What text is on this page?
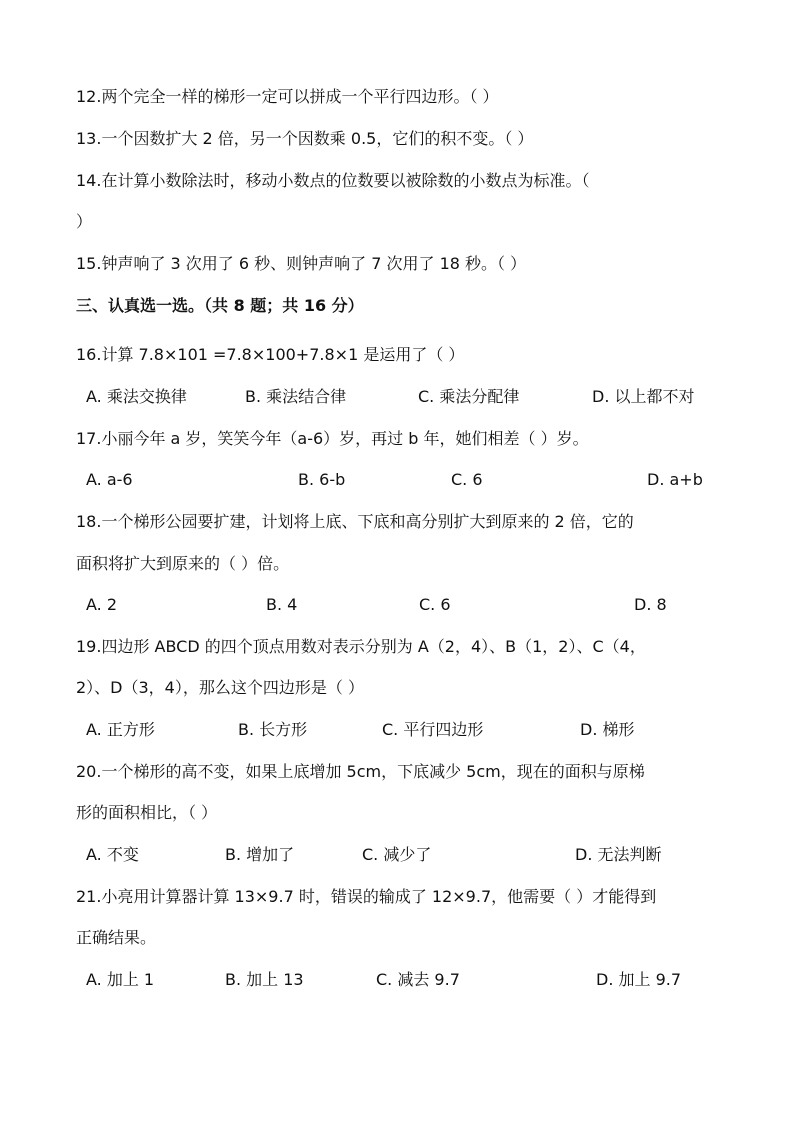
12.两个完全一样的梯形一定可以拼成一个平行四边形。（ ）
13.一个因数扩大 2 倍，另一个因数乘 0.5，它们的积不变。（ ）
14.在计算小数除法时，移动小数点的位数要以被除数的小数点为标准。（
）
15.钟声响了 3 次用了 6 秒、则钟声响了 7 次用了 18 秒。（ ）
三、认真选一选。（共 8 题；共 16 分）
16.计算 7.8×101 =7.8×100+7.8×1 是运用了（ ）
A. 乘法交换律	B. 乘法结合律	C. 乘法分配律	D. 以上都不对
17.小丽今年 a 岁，笑笑今年（a-6）岁，再过 b 年，她们相差（ ）岁。
A. a-6	B. 6-b	C. 6	D. a+b
18.一个梯形公园要扩建，计划将上底、下底和高分别扩大到原来的 2 倍，它的
面积将扩大到原来的（ ）倍。
A. 2	B. 4	C. 6	D. 8
19.四边形 ABCD 的四个顶点用数对表示分别为 A（2，4）、B（1，2）、C（4，
2）、D（3，4），那么这个四边形是（ ）
A. 正方形	B. 长方形	C. 平行四边形	D. 梯形
20.一个梯形的高不变，如果上底增加 5cm，下底减少 5cm，现在的面积与原梯
形的面积相比，（ ）
A. 不变	B. 增加了	C. 减少了	D. 无法判断
21.小亮用计算器计算 13×9.7 时，错误的输成了 12×9.7，他需要（ ）才能得到
正确结果。
A. 加上 1	B. 加上 13	C. 减去 9.7	D. 加上 9.7
